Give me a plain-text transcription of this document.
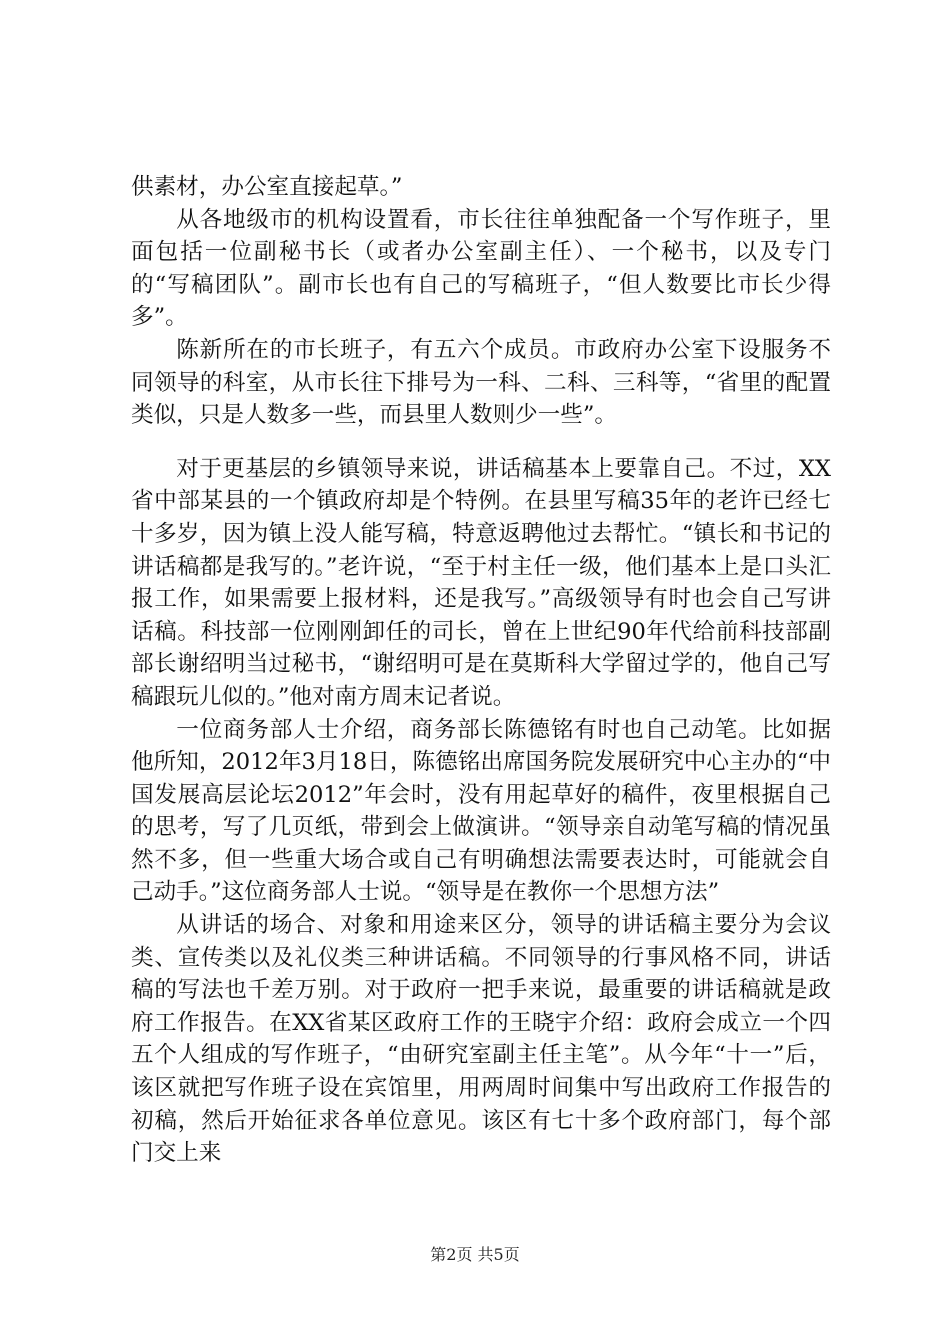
供素材，办公室直接起草。”

从各地级市的机构设置看，市长往往单独配备一个写作班子，里面包括一位副秘书长（或者办公室副主任）、一个秘书，以及专门的“写稿团队”。副市长也有自己的写稿班子，“但人数要比市长少得多”。

陈新所在的市长班子，有五六个成员。市政府办公室下设服务不同领导的科室，从市长往下排号为一科、二科、三科等，“省里的配置类似，只是人数多一些，而县里人数则少一些”。

对于更基层的乡镇领导来说，讲话稿基本上要靠自己。不过，XX省中部某县的一个镇政府却是个特例。在县里写稿35年的老许已经七十多岁，因为镇上没人能写稿，特意返聘他过去帮忙。“镇长和书记的讲话稿都是我写的。”老许说，“至于村主任一级，他们基本上是口头汇报工作，如果需要上报材料，还是我写。”高级领导有时也会自己写讲话稿。科技部一位刚刚卸任的司长，曾在上世纪90年代给前科技部副部长谢绍明当过秘书，“谢绍明可是在莫斯科大学留过学的，他自己写稿跟玩儿似的。”他对南方周末记者说。

一位商务部人士介绍，商务部长陈德铭有时也自己动笔。比如据他所知，2012年3月18日，陈德铭出席国务院发展研究中心主办的“中国发展高层论坛2012”年会时，没有用起草好的稿件，夜里根据自己的思考，写了几页纸，带到会上做演讲。“领导亲自动笔写稿的情况虽然不多，但一些重大场合或自己有明确想法需要表达时，可能就会自己动手。”这位商务部人士说。“领导是在教你一个思想方法”

从讲话的场合、对象和用途来区分，领导的讲话稿主要分为会议类、宣传类以及礼仪类三种讲话稿。不同领导的行事风格不同，讲话稿的写法也千差万别。对于政府一把手来说，最重要的讲话稿就是政府工作报告。在XX省某区政府工作的王晓宇介绍：政府会成立一个四五个人组成的写作班子，“由研究室副主任主笔”。从今年“十一”后，该区就把写作班子设在宾馆里，用两周时间集中写出政府工作报告的初稿，然后开始征求各单位意见。该区有七十多个政府部门，每个部门交上来

第2页 共5页
